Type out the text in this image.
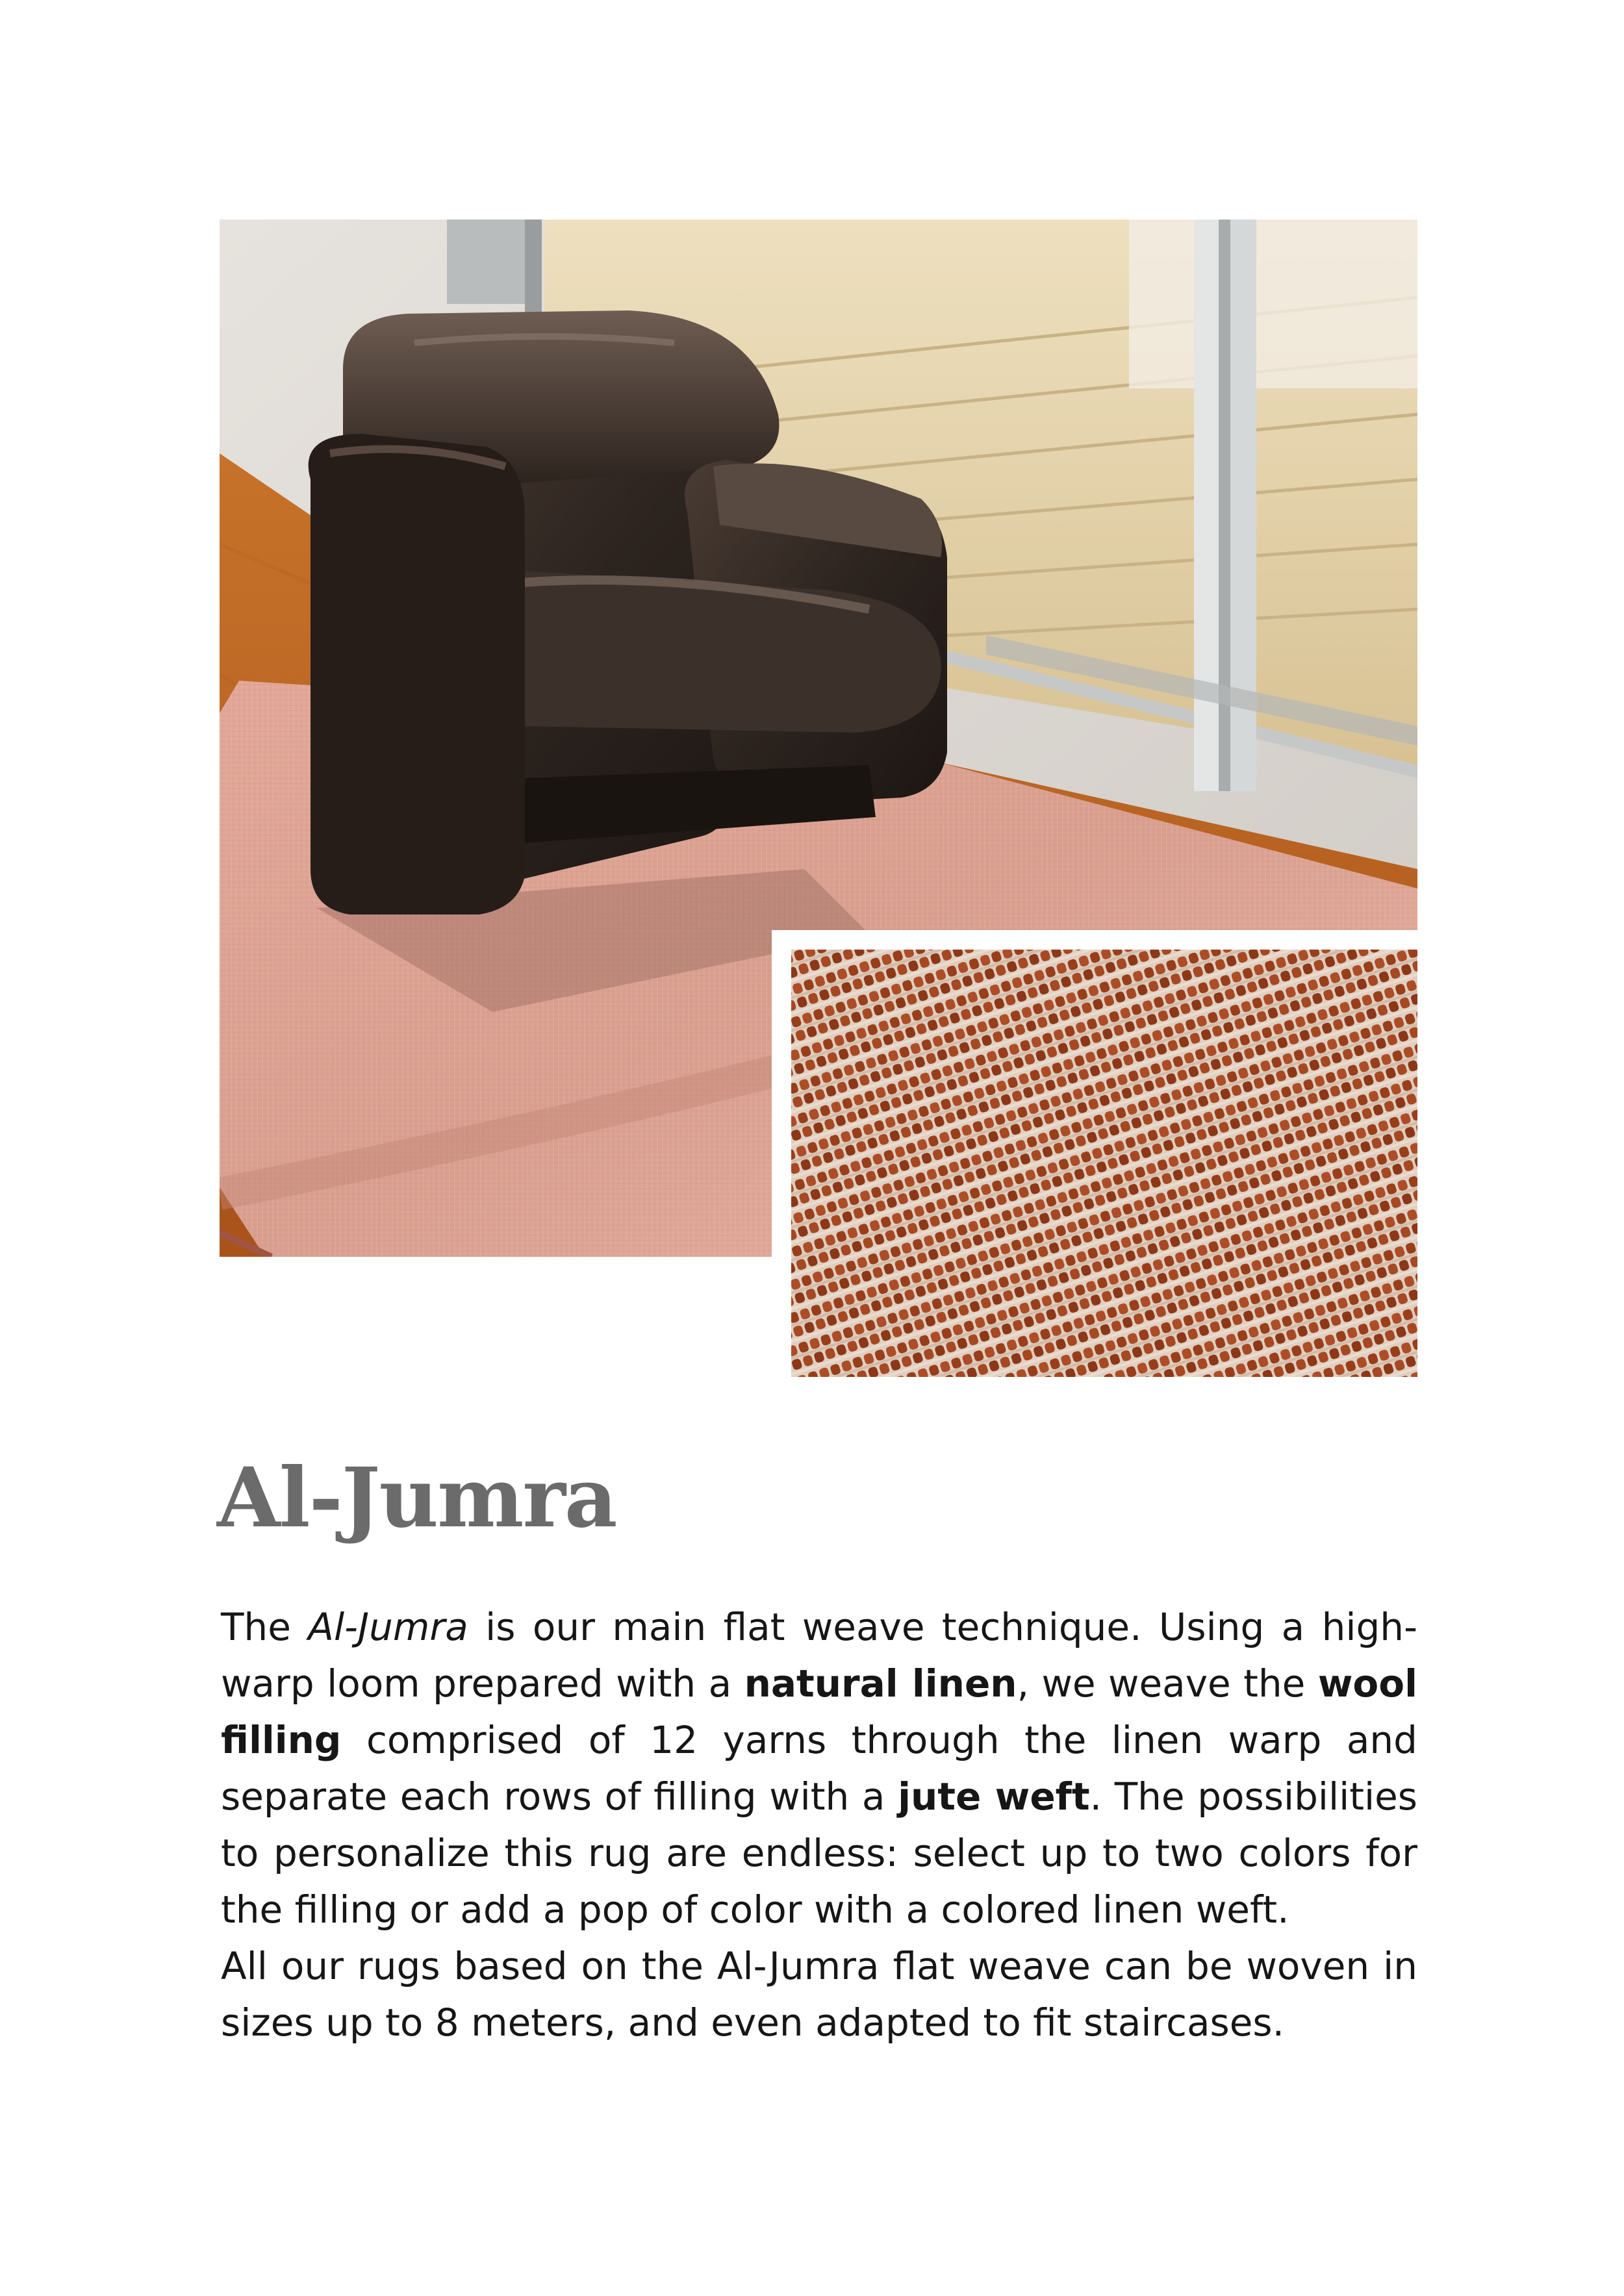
Al-Jumra

The Al-Jumra is our main flat weave technique. Using a high-warp loom prepared with a natural linen, we weave the wool filling comprised of 12 yarns through the linen warp and separate each rows of filling with a jute weft. The possibilities to personalize this rug are endless: select up to two colors for the filling or add a pop of color with a colored linen weft.

All our rugs based on the Al-Jumra flat weave can be woven in sizes up to 8 meters, and even adapted to fit staircases.
